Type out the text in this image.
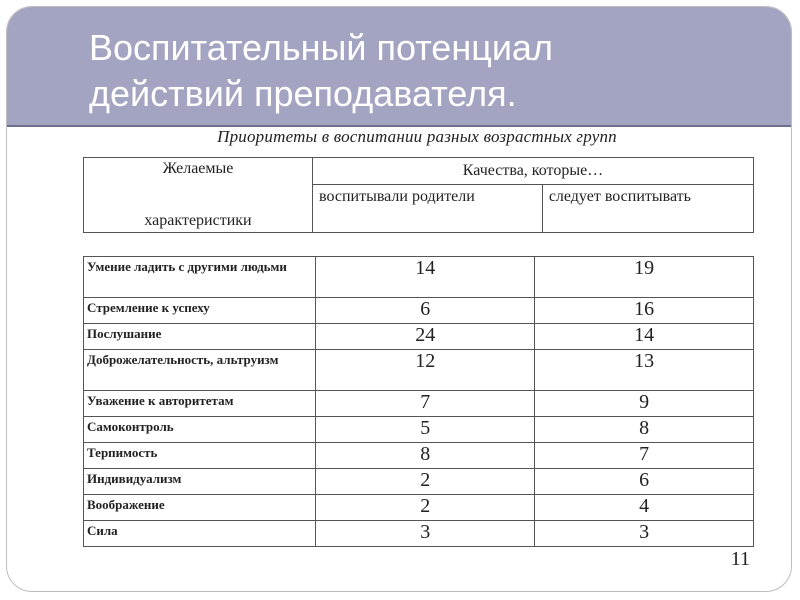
Воспитательный потенциал
действий преподавателя.

Приоритеты в воспитании разных возрастных групп

Желаемые
характеристики	Качества, которые…	
	воспитывали родители	следует воспитывать
Умение ладить с другими людьми	14	19
Стремление к успеху	6	16
Послушание	24	14
Доброжелательность, альтруизм	12	13
Уважение к авторитетам	7	9
Самоконтроль	5	8
Терпимость	8	7
Индивидуализм	2	6
Воображение	2	4
Сила	3	3
11
